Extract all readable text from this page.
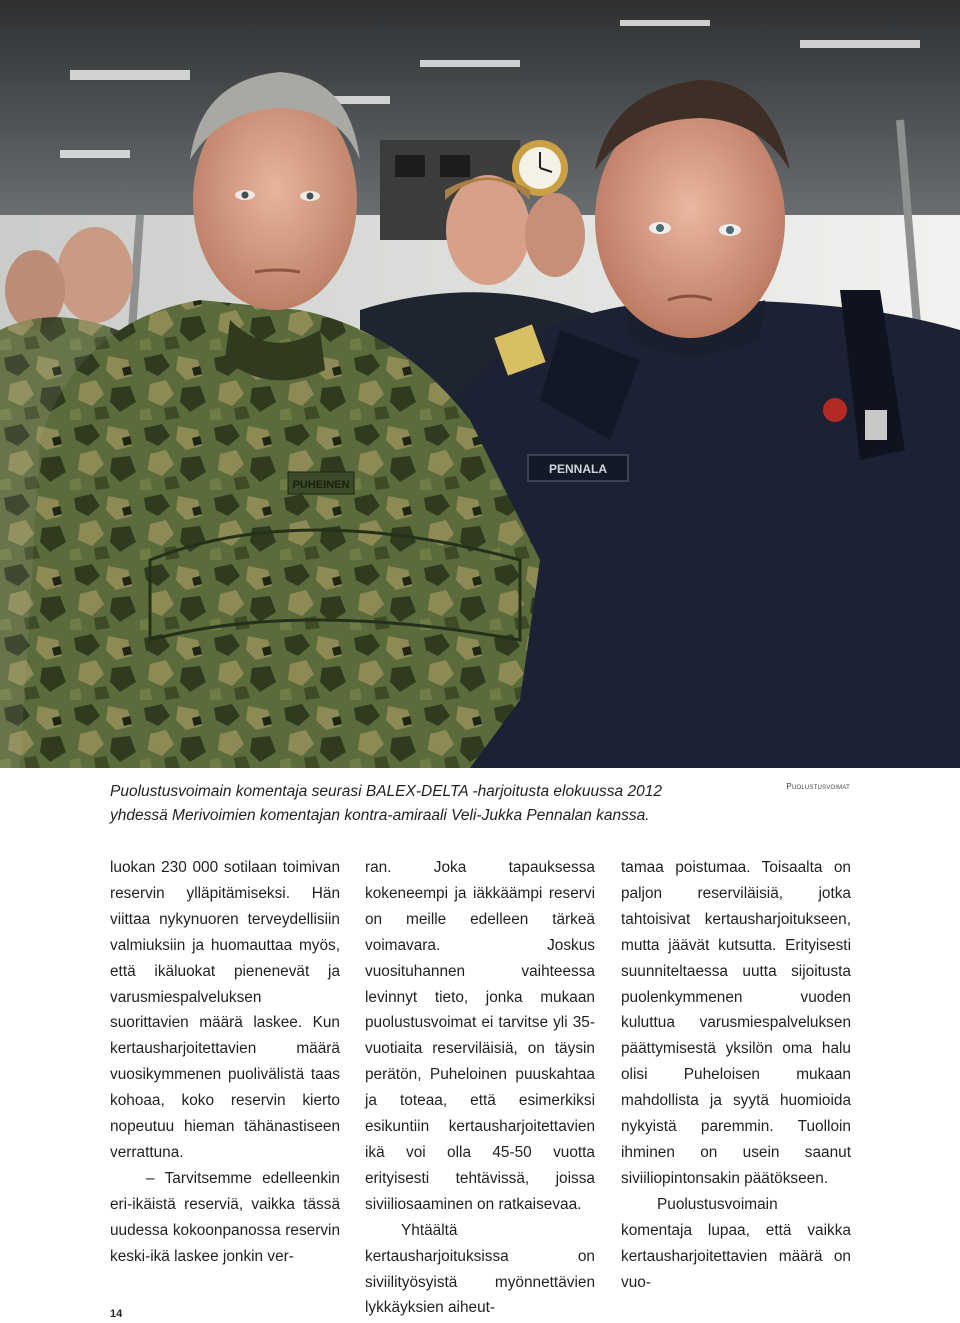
PENNALA
PUHEINEN

Puolustusvoimain komentaja seurasi BALEX-DELTA -harjoitusta elokuussa 2012

yhdessä Merivoimien komentajan kontra-amiraali Veli-Jukka Pennalan kanssa.

Puolustusvoimat

luokan 230 000 sotilaan toimivan reservin ylläpitämiseksi. Hän viittaa nykynuoren terveydellisiin valmiuksiin ja huomauttaa myös, että ikäluokat pienenevät ja varusmiespalveluksen suorittavien määrä laskee. Kun kertausharjoitettavien määrä vuosikymmenen puolivälistä taas kohoaa, koko reservin kierto nopeutuu hieman tähänastiseen verrattuna.

– Tarvitsemme edelleenkin eri-ikäistä reserviä, vaikka tässä uudessa kokoonpanossa reservin keski-ikä laskee jonkin ver-

ran. Joka tapauksessa kokeneempi ja iäkkäämpi reservi on meille edelleen tärkeä voimavara. Joskus vuosituhannen vaihteessa levinnyt tieto, jonka mukaan puolustusvoimat ei tarvitse yli 35-vuotiaita reserviläisiä, on täysin perätön, Puheloinen puuskahtaa ja toteaa, että esimerkiksi esikuntiin kertausharjoitettavien ikä voi olla 45-50 vuotta erityisesti tehtävissä, joissa siviiliosaaminen on ratkaisevaa.

Yhtäältä kertausharjoituksissa on siviilityösyistä myönnettävien lykkäyksien aiheut-

tamaa poistumaa. Toisaalta on paljon reserviläisiä, jotka tahtoisivat kertausharjoitukseen, mutta jäävät kutsutta. Erityisesti suunniteltaessa uutta sijoitusta puolenkymmenen vuoden kuluttua varusmiespalveluksen päättymisestä yksilön oma halu olisi Puheloisen mukaan mahdollista ja syytä huomioida nykyistä paremmin. Tuolloin ihminen on usein saanut siviiliopintonsakin päätökseen.

Puolustusvoimain komentaja lupaa, että vaikka kertausharjoitettavien määrä on vuo-

14
